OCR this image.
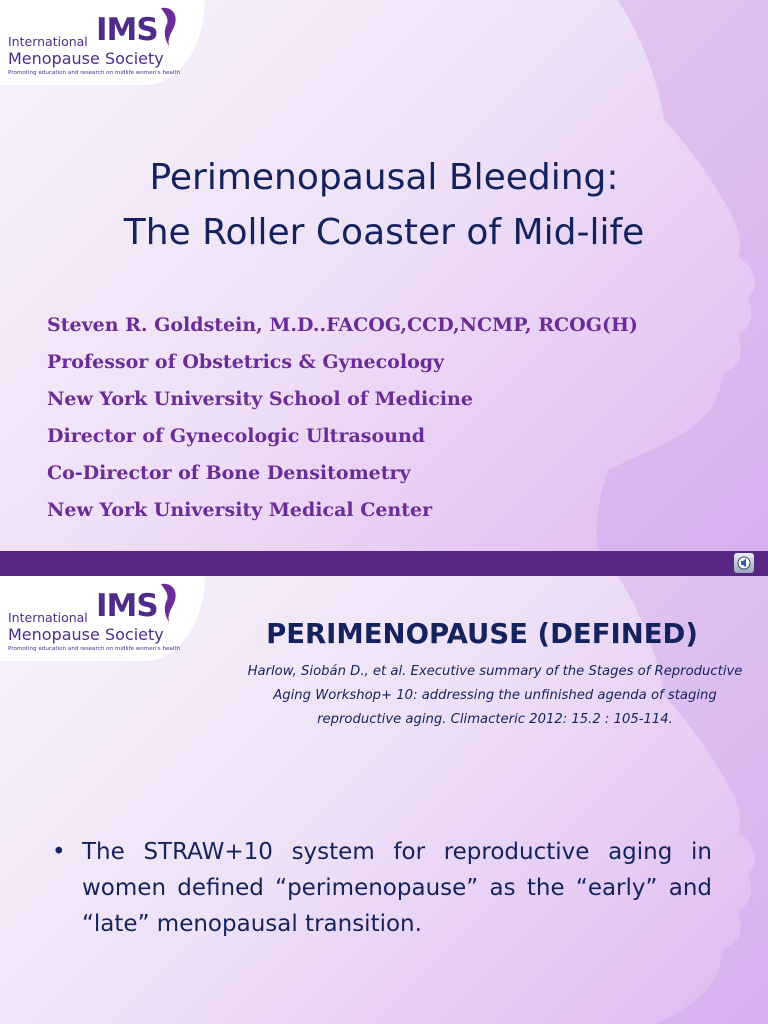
IMS
International
Menopause Society
Promoting education and research on midlife women's health
Perimenopausal Bleeding:
The Roller Coaster of Mid-life
Steven R. Goldstein, M.D..FACOG,CCD,NCMP, RCOG(H)
Professor of Obstetrics & Gynecology
New York University School of Medicine
Director of Gynecologic Ultrasound
Co-Director of Bone Densitometry
New York University Medical Center
IMS
International
Menopause Society
Promoting education and research on midlife women's health	PERIMENOPAUSE (DEFINED)
Harlow, Siobán D., et al. Executive summary of the Stages of Reproductive
Aging Workshop+ 10: addressing the unfinished agenda of staging
reproductive aging. Climacteric 2012: 15.2 : 105-114.
• The STRAW+10 system for reproductive aging in women defined “perimenopause” as the “early” and “late” menopausal transition.
